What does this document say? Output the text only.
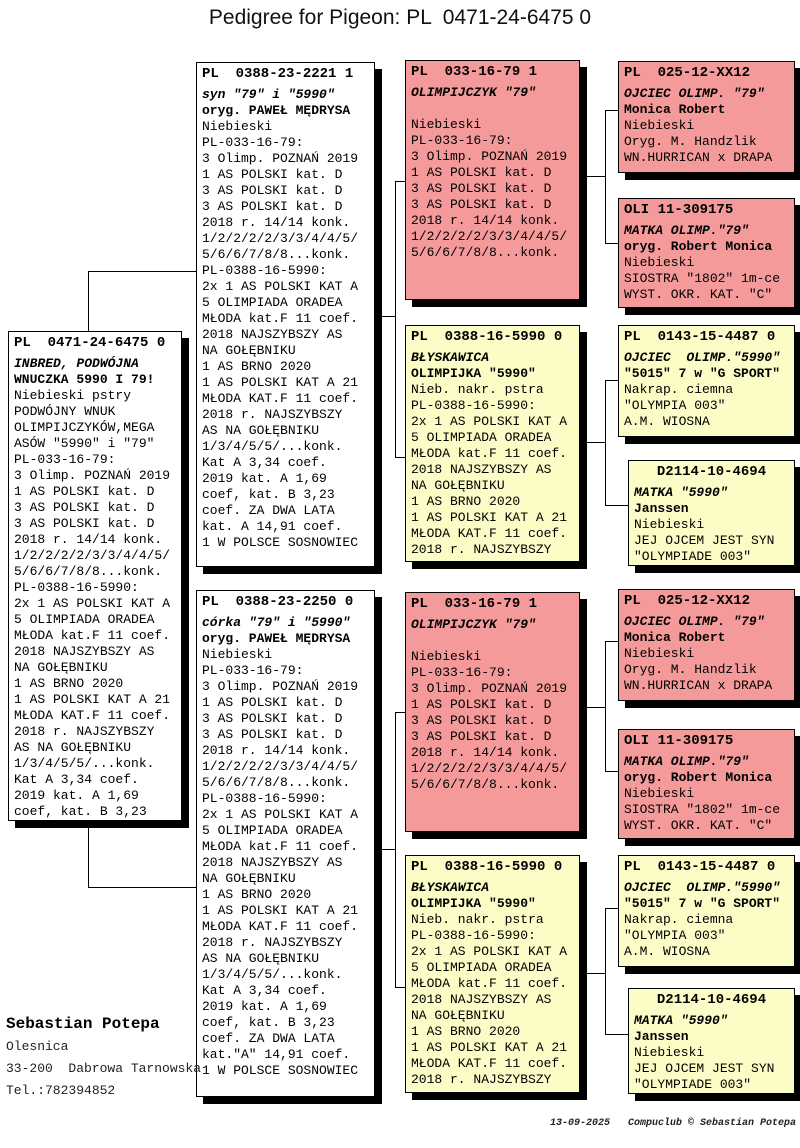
Pedigree for Pigeon: PL  0471-24-6475 0
PL  0471-24-6475 0
INBRED, PODWÓJNA
WNUCZKA 5990 I 79!
Niebieski pstry
PODWÓJNY WNUK
OLIMPIJCZYKÓW,MEGA
ASÓW "5990" i "79"
PL-033-16-79:
3 Olimp. POZNAŃ 2019
1 AS POLSKI kat. D
3 AS POLSKI kat. D
3 AS POLSKI kat. D
2018 r. 14/14 konk.
1/2/2/2/2/3/3/4/4/5/
5/6/6/7/8/8...konk.
PL-0388-16-5990:
2x 1 AS POLSKI KAT A
5 OLIMPIADA ORADEA
MŁODA kat.F 11 coef.
2018 NAJSZYBSZY AS
NA GOŁĘBNIKU
1 AS BRNO 2020
1 AS POLSKI KAT A 21
MŁODA KAT.F 11 coef.
2018 r. NAJSZYBSZY
AS NA GOŁĘBNIKU
1/3/4/5/5/...konk.
Kat A 3,34 coef.
2019 kat. A 1,69
coef, kat. B 3,23
PL  0388-23-2221 1
syn "79" i "5990"
oryg. PAWEŁ MĘDRYSA
Niebieski
PL-033-16-79:
3 Olimp. POZNAŃ 2019
1 AS POLSKI kat. D
3 AS POLSKI kat. D
3 AS POLSKI kat. D
2018 r. 14/14 konk.
1/2/2/2/2/3/3/4/4/5/
5/6/6/7/8/8...konk.
PL-0388-16-5990:
2x 1 AS POLSKI KAT A
5 OLIMPIADA ORADEA
MŁODA kat.F 11 coef.
2018 NAJSZYBSZY AS
NA GOŁĘBNIKU
1 AS BRNO 2020
1 AS POLSKI KAT A 21
MŁODA KAT.F 11 coef.
2018 r. NAJSZYBSZY
AS NA GOŁĘBNIKU
1/3/4/5/5/...konk.
Kat A 3,34 coef.
2019 kat. A 1,69
coef, kat. B 3,23
coef. ZA DWA LATA
kat. A 14,91 coef.
1 W POLSCE SOSNOWIEC
PL  0388-23-2250 0
córka "79" i "5990"
oryg. PAWEŁ MĘDRYSA
Niebieski
PL-033-16-79:
3 Olimp. POZNAŃ 2019
1 AS POLSKI kat. D
3 AS POLSKI kat. D
3 AS POLSKI kat. D
2018 r. 14/14 konk.
1/2/2/2/2/3/3/4/4/5/
5/6/6/7/8/8...konk.
PL-0388-16-5990:
2x 1 AS POLSKI KAT A
5 OLIMPIADA ORADEA
MŁODA kat.F 11 coef.
2018 NAJSZYBSZY AS
NA GOŁĘBNIKU
1 AS BRNO 2020
1 AS POLSKI KAT A 21
MŁODA KAT.F 11 coef.
2018 r. NAJSZYBSZY
AS NA GOŁĘBNIKU
1/3/4/5/5/...konk.
Kat A 3,34 coef.
2019 kat. A 1,69
coef, kat. B 3,23
coef. ZA DWA LATA
kat."A" 14,91 coef.
1 W POLSCE SOSNOWIEC
PL  033-16-79 1
OLIMPIJCZYK "79"

Niebieski
PL-033-16-79:
3 Olimp. POZNAŃ 2019
1 AS POLSKI kat. D
3 AS POLSKI kat. D
3 AS POLSKI kat. D
2018 r. 14/14 konk.
1/2/2/2/2/3/3/4/4/5/
5/6/6/7/8/8...konk.
PL  0388-16-5990 0
BŁYSKAWICA
OLIMPIJKA "5990"
Nieb. nakr. pstra
PL-0388-16-5990:
2x 1 AS POLSKI KAT A
5 OLIMPIADA ORADEA
MŁODA kat.F 11 coef.
2018 NAJSZYBSZY AS
NA GOŁĘBNIKU
1 AS BRNO 2020
1 AS POLSKI KAT A 21
MŁODA KAT.F 11 coef.
2018 r. NAJSZYBSZY
PL  033-16-79 1
OLIMPIJCZYK "79"

Niebieski
PL-033-16-79:
3 Olimp. POZNAŃ 2019
1 AS POLSKI kat. D
3 AS POLSKI kat. D
3 AS POLSKI kat. D
2018 r. 14/14 konk.
1/2/2/2/2/3/3/4/4/5/
5/6/6/7/8/8...konk.
PL  0388-16-5990 0
BŁYSKAWICA
OLIMPIJKA "5990"
Nieb. nakr. pstra
PL-0388-16-5990:
2x 1 AS POLSKI KAT A
5 OLIMPIADA ORADEA
MŁODA kat.F 11 coef.
2018 NAJSZYBSZY AS
NA GOŁĘBNIKU
1 AS BRNO 2020
1 AS POLSKI KAT A 21
MŁODA KAT.F 11 coef.
2018 r. NAJSZYBSZY
PL  025-12-XX12
OJCIEC OLIMP. "79"
Monica Robert
Niebieski
Oryg. M. Handzlik
WN.HURRICAN x DRAPA
OLI 11-309175
MATKA OLIMP."79"
oryg. Robert Monica
Niebieski
SIOSTRA "1802" 1m-ce
WYST. OKR. KAT. "C"
PL  0143-15-4487 0
OJCIEC  OLIMP."5990"
"5015" 7 w "G SPORT"
Nakrap. ciemna
"OLYMPIA 003"
A.M. WIOSNA
D2114-10-4694
MATKA "5990"
Janssen
Niebieski
JEJ OJCEM JEST SYN
"OLYMPIADE 003"
PL  025-12-XX12
OJCIEC OLIMP. "79"
Monica Robert
Niebieski
Oryg. M. Handzlik
WN.HURRICAN x DRAPA
OLI 11-309175
MATKA OLIMP."79"
oryg. Robert Monica
Niebieski
SIOSTRA "1802" 1m-ce
WYST. OKR. KAT. "C"
PL  0143-15-4487 0
OJCIEC  OLIMP."5990"
"5015" 7 w "G SPORT"
Nakrap. ciemna
"OLYMPIA 003"
A.M. WIOSNA
D2114-10-4694
MATKA "5990"
Janssen
Niebieski
JEJ OJCEM JEST SYN
"OLYMPIADE 003"
Sebastian Potepa
Olesnica
33-200  Dabrowa Tarnowska
Tel.:782394852
13-09-2025   Compuclub © Sebastian Potepa
